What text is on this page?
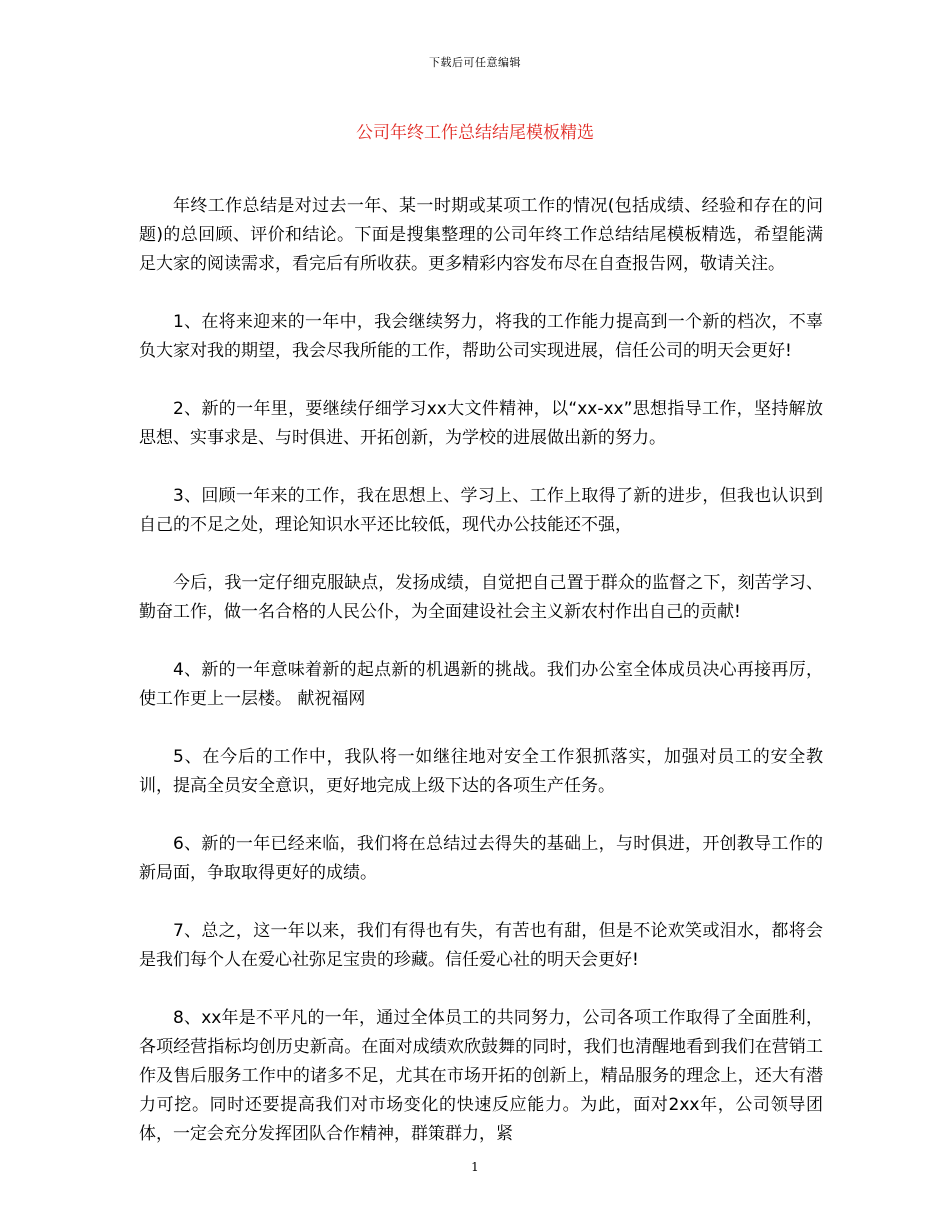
下载后可任意编辑
公司年终工作总结结尾模板精选

年终工作总结是对过去一年、某一时期或某项工作的情况(包括成绩、经验和存在的问题)的总回顾、评价和结论。下面是搜集整理的公司年终工作总结结尾模板精选，希望能满足大家的阅读需求，看完后有所收获。更多精彩内容发布尽在自查报告网，敬请关注。

1、在将来迎来的一年中，我会继续努力，将我的工作能力提高到一个新的档次，不辜负大家对我的期望，我会尽我所能的工作，帮助公司实现进展，信任公司的明天会更好!

2、新的一年里，要继续仔细学习xx大文件精神，以“xx-xx”思想指导工作，坚持解放思想、实事求是、与时俱进、开拓创新，为学校的进展做出新的努力。

3、回顾一年来的工作，我在思想上、学习上、工作上取得了新的进步，但我也认识到自己的不足之处，理论知识水平还比较低，现代办公技能还不强，

今后，我一定仔细克服缺点，发扬成绩，自觉把自己置于群众的监督之下，刻苦学习、勤奋工作，做一名合格的人民公仆，为全面建设社会主义新农村作出自己的贡献!

4、新的一年意味着新的起点新的机遇新的挑战。我们办公室全体成员决心再接再厉，使工作更上一层楼。 献祝福网

5、在今后的工作中，我队将一如继往地对安全工作狠抓落实，加强对员工的安全教训，提高全员安全意识，更好地完成上级下达的各项生产任务。

6、新的一年已经来临，我们将在总结过去得失的基础上，与时俱进，开创教导工作的新局面，争取取得更好的成绩。

7、总之，这一年以来，我们有得也有失，有苦也有甜，但是不论欢笑或泪水，都将会是我们每个人在爱心社弥足宝贵的珍藏。信任爱心社的明天会更好!

8、xx年是不平凡的一年，通过全体员工的共同努力，公司各项工作取得了全面胜利，各项经营指标均创历史新高。在面对成绩欢欣鼓舞的同时，我们也清醒地看到我们在营销工作及售后服务工作中的诸多不足，尤其在市场开拓的创新上，精品服务的理念上，还大有潜力可挖。同时还要提高我们对市场变化的快速反应能力。为此，面对2xx年，公司领导团体，一定会充分发挥团队合作精神，群策群力，紧

1
